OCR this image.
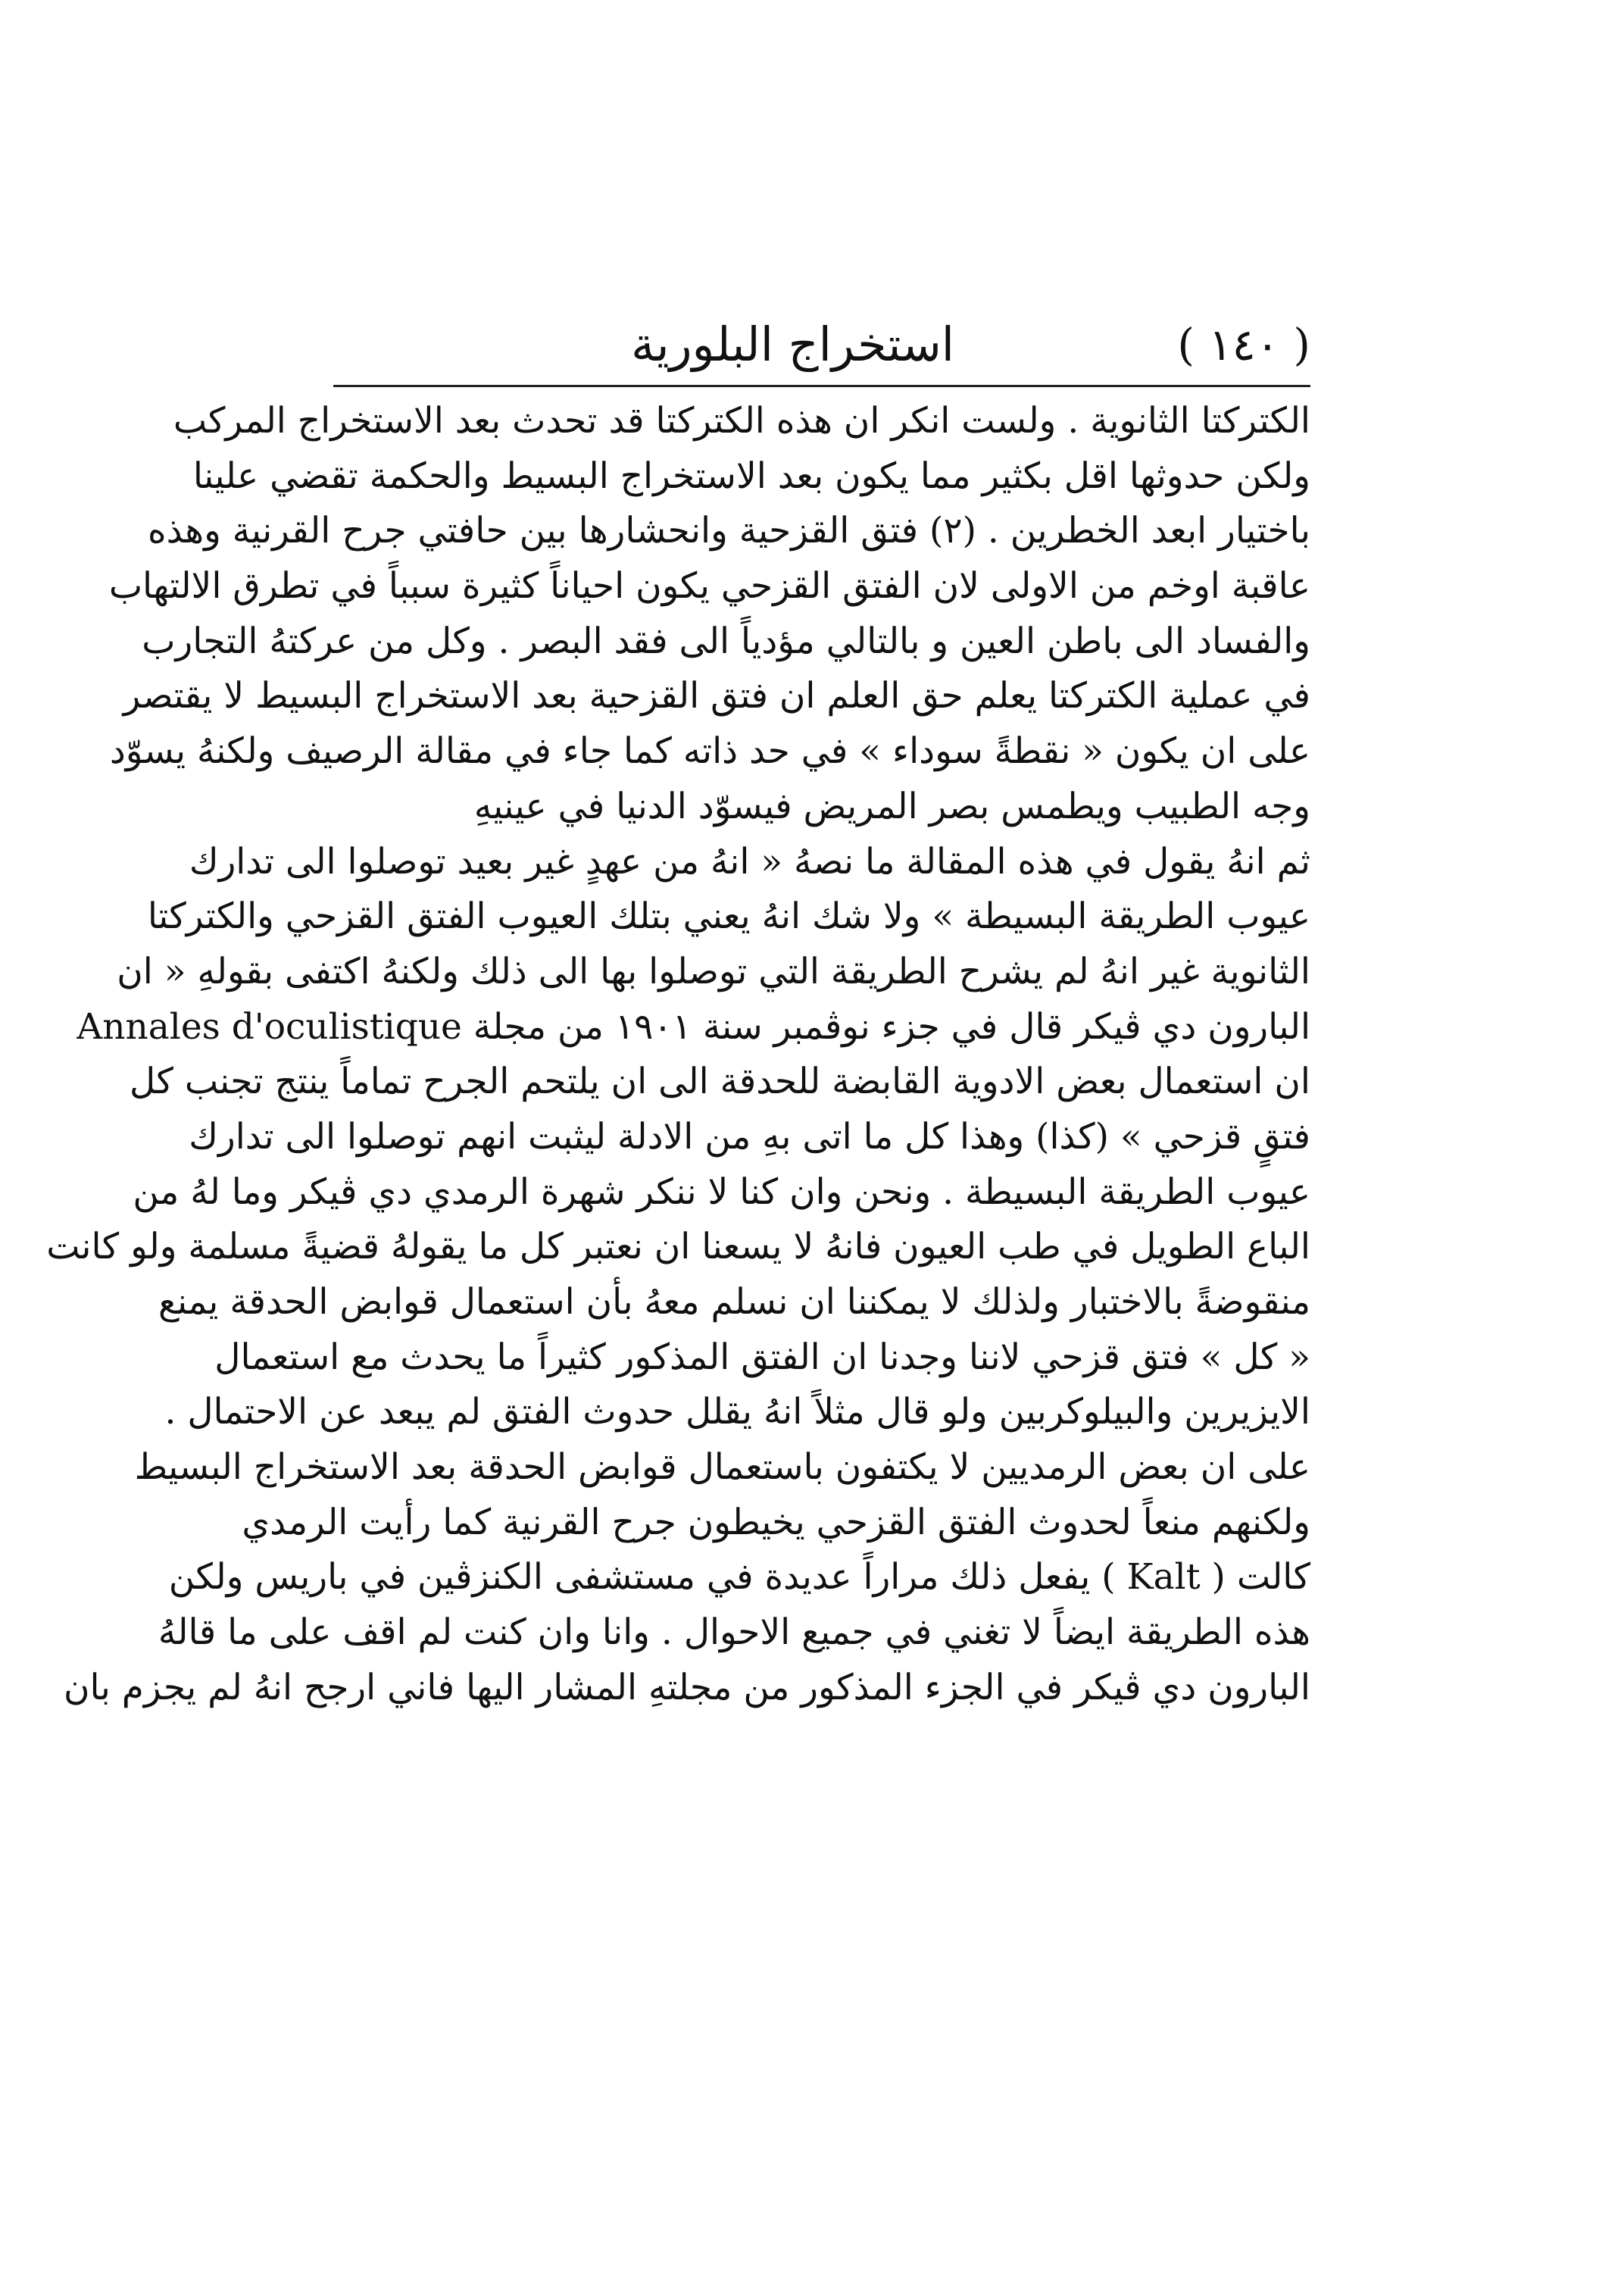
( ١٤٠ )
استخراج البلورية
الكتركتا الثانوية . ولست انكر ان هذه الكتركتا قد تحدث بعد الاستخراج المركب
ولكن حدوثها اقل بكثير مما يكون بعد الاستخراج البسيط والحكمة تقضي علينا
باختيار ابعد الخطرين . (٢) فتق القزحية وانحشارها بين حافتي جرح القرنية وهذه
عاقبة اوخم من الاولى لان الفتق القزحي يكون احياناً كثيرة سبباً في تطرق الالتهاب
والفساد الى باطن العين و بالتالي مؤدياً الى فقد البصر . وكل من عركتهُ التجارب
في عملية الكتركتا يعلم حق العلم ان فتق القزحية بعد الاستخراج البسيط لا يقتصر
على ان يكون « نقطةً سوداء » في حد ذاته كما جاء في مقالة الرصيف ولكنهُ يسوّد
وجه الطبيب ويطمس بصر المريض فيسوّد الدنيا في عينيهِ
ثم انهُ يقول في هذه المقالة ما نصهُ « انهُ من عهدٍ غير بعيد توصلوا الى تدارك
عيوب الطريقة البسيطة » ولا شك انهُ يعني بتلك العيوب الفتق القزحي والكتركتا
الثانوية غير انهُ لم يشرح الطريقة التي توصلوا بها الى ذلك ولكنهُ اكتفى بقولهِ « ان
البارون دي ڤيكر قال في جزء نوڤمبر سنة ١٩٠١ من مجلة Annales d'oculistique
ان استعمال بعض الادوية القابضة للحدقة الى ان يلتحم الجرح تماماً ينتج تجنب كل
فتقٍ قزحي » (كذا) وهذا كل ما اتى بهِ من الادلة ليثبت انهم توصلوا الى تدارك
عيوب الطريقة البسيطة . ونحن وان كنا لا ننكر شهرة الرمدي دي ڤيكر وما لهُ من
الباع الطويل في طب العيون فانهُ لا يسعنا ان نعتبر كل ما يقولهُ قضيةً مسلمة ولو كانت
منقوضةً بالاختبار ولذلك لا يمكننا ان نسلم معهُ بأن استعمال قوابض الحدقة يمنع
« كل » فتق قزحي لاننا وجدنا ان الفتق المذكور كثيراً ما يحدث مع استعمال
الايزيرين والبيلوكربين ولو قال مثلاً انهُ يقلل حدوث الفتق لم يبعد عن الاحتمال .
على ان بعض الرمديين لا يكتفون باستعمال قوابض الحدقة بعد الاستخراج البسيط
ولكنهم منعاً لحدوث الفتق القزحي يخيطون جرح القرنية كما رأيت الرمدي
كالت ( Kalt ) يفعل ذلك مراراً عديدة في مستشفى الكنزڤين في باريس ولكن
هذه الطريقة ايضاً لا تغني في جميع الاحوال . وانا وان كنت لم اقف على ما قالهُ
البارون دي ڤيكر في الجزء المذكور من مجلتهِ المشار اليها فاني ارجح انهُ لم يجزم بان
